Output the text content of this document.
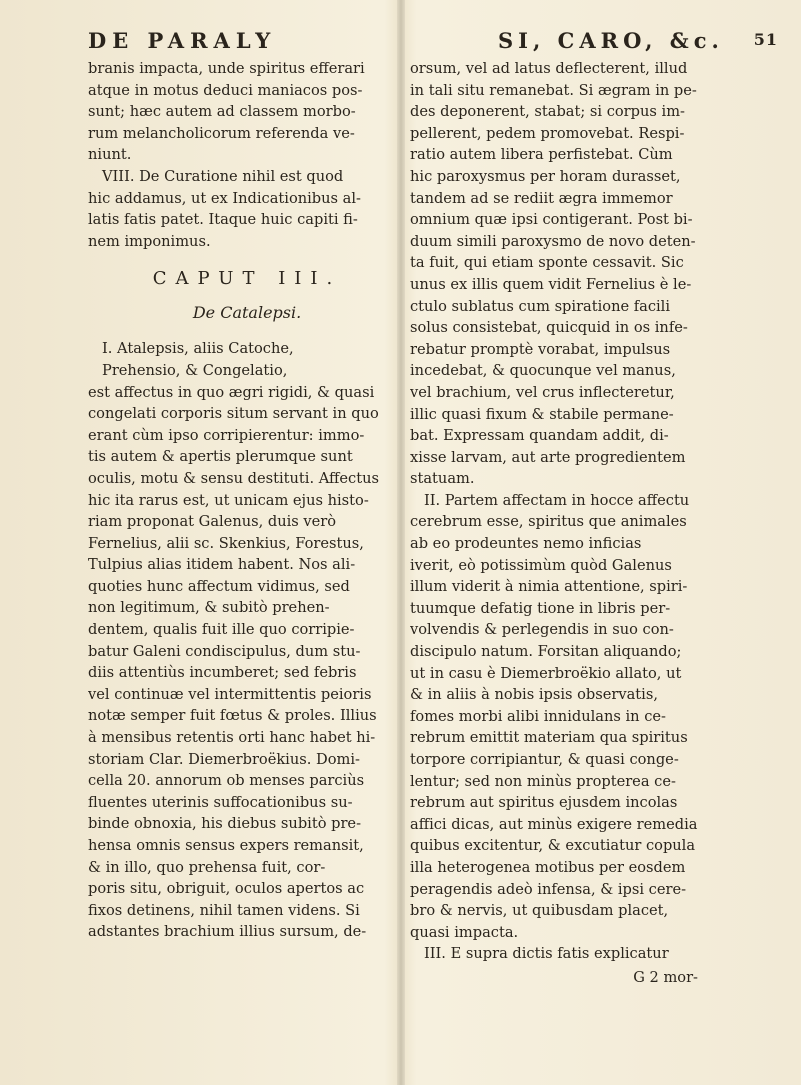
DE PARALY	SI, CARO, &c. 51
branis impacta, unde spiritus efferari
atque in motus deduci maniacos pos-
sunt; hæc autem ad classem morbo-
rum melancholicorum referenda ve-
niunt.
VIII. De Curatione nihil est quod
hic addamus, ut ex Indicationibus al-
latis fatis patet. Itaque huic capiti fi-
nem imponimus.
CAPUT III.
De Catalepsi.
I. Atalepsis, aliis Catoche,
Prehensio, & Congelatio,
est affectus in quo ægri rigidi, & quasi
congelati corporis situm servant in quo
erant cùm ipso corripierentur: immo-
tis autem & apertis plerumque sunt
oculis, motu & sensu destituti. Affectus
hic ita rarus est, ut unicam ejus histo-
riam proponat Galenus, duis verò
Fernelius, alii sc. Skenkius, Forestus,
Tulpius alias itidem habent. Nos ali-
quoties hunc affectum vidimus, sed
non legitimum, & subitò prehen-
dentem, qualis fuit ille quo corripie-
batur Galeni condiscipulus, dum stu-
diis attentiùs incumberet; sed febris
vel continuæ vel intermittentis peioris
notæ semper fuit fœtus & proles. Illius
à mensibus retentis orti hanc habet hi-
storiam Clar. Diemerbroëkius. Domi-
cella 20. annorum ob menses parciùs
fluentes uterinis suffocationibus su-
binde obnoxia, his diebus subitò pre-
hensa omnis sensus expers remansit,
& in illo, quo prehensa fuit, cor-
poris situ, obriguit, oculos apertos ac
fixos detinens, nihil tamen videns. Si
adstantes brachium illius sursum, de-
orsum, vel ad latus deflecterent, illud
in tali situ remanebat. Si ægram in pe-
des deponerent, stabat; si corpus im-
pellerent, pedem promovebat. Respi-
ratio autem libera perfistebat. Cùm
hic paroxysmus per horam durasset,
tandem ad se rediit ægra immemor
omnium quæ ipsi contigerant. Post bi-
duum simili paroxysmo de novo deten-
ta fuit, qui etiam sponte cessavit. Sic
unus ex illis quem vidit Fernelius è le-
ctulo sublatus cum spiratione facili
solus consistebat, quicquid in os infe-
rebatur promptè vorabat, impulsus
incedebat, & quocunque vel manus,
vel brachium, vel crus inflecteretur,
illic quasi fixum & stabile permane-
bat. Expressam quandam addit, di-
xisse larvam, aut arte progredientem
statuam.
II. Partem affectam in hocce affectu
cerebrum esse, spiritus que animales
ab eo prodeuntes nemo inficias
iverit, eò potissimùm quòd Galenus
illum viderit à nimia attentione, spiri-
tuumque defatig tione in libris per-
volvendis & perlegendis in suo con-
discipulo natum. Forsitan aliquando;
ut in casu è Diemerbroëkio allato, ut
& in aliis à nobis ipsis observatis,
fomes morbi alibi innidulans in ce-
rebrum emittit materiam qua spiritus
torpore corripiantur, & quasi conge-
lentur; sed non minùs propterea ce-
rebrum aut spiritus ejusdem incolas
affici dicas, aut minùs exigere remedia
quibus excitentur, & excutiatur copula
illa heterogenea motibus per eosdem
peragendis adeò infensa, & ipsi cere-
bro & nervis, ut quibusdam placet,
quasi impacta.
III. E supra dictis fatis explicatur
G 2 mor-
